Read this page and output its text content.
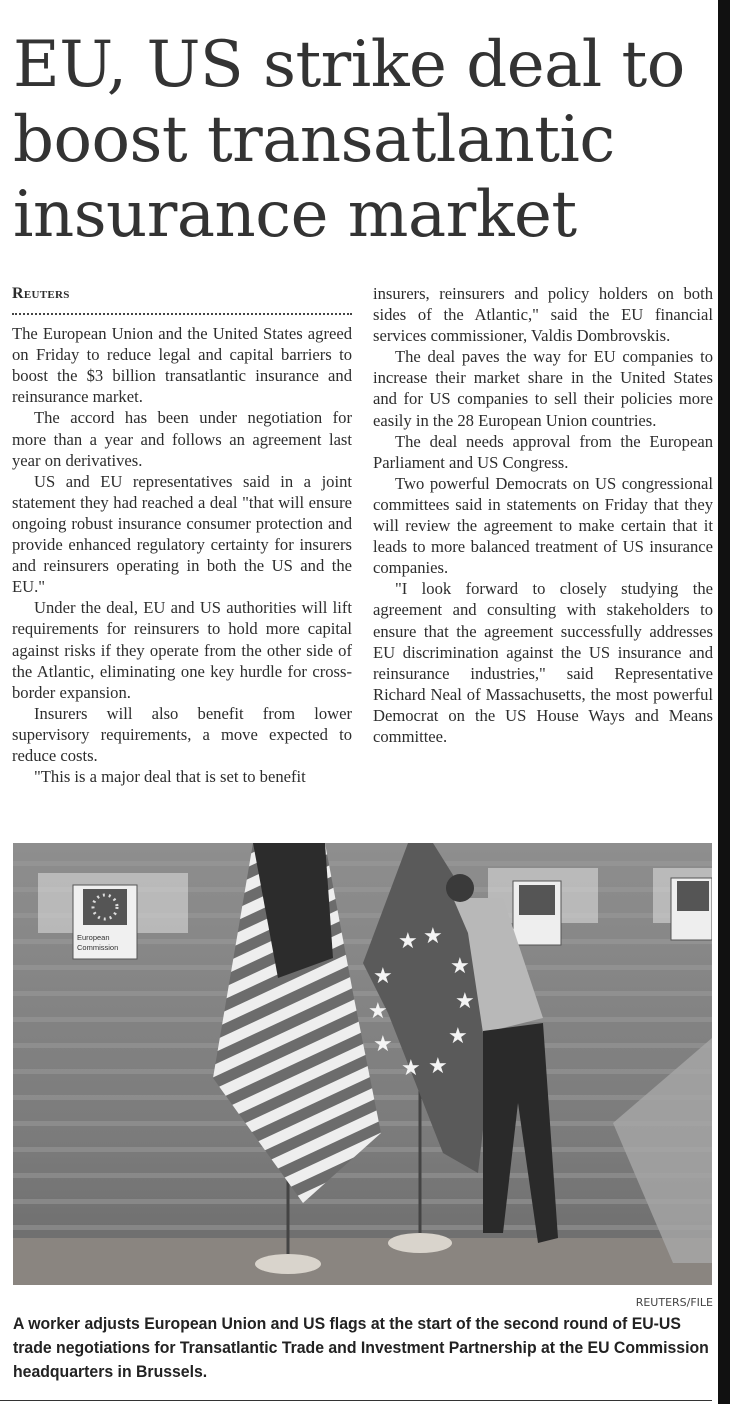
EU, US strike deal to boost transatlantic insurance market
Reuters

The European Union and the United States agreed on Friday to reduce legal and capital barriers to boost the $3 billion transatlantic insurance and reinsurance market.

The accord has been under negotiation for more than a year and follows an agreement last year on derivatives.

US and EU representatives said in a joint statement they had reached a deal "that will ensure ongoing robust insurance consumer protection and provide enhanced regulatory certainty for insurers and reinsurers operating in both the US and the EU."

Under the deal, EU and US authorities will lift requirements for reinsurers to hold more capital against risks if they operate from the other side of the Atlantic, eliminating one key hurdle for cross-border expansion.

Insurers will also benefit from lower supervisory requirements, a move expected to reduce costs.

"This is a major deal that is set to benefit

insurers, reinsurers and policy holders on both sides of the Atlantic," said the EU financial services commissioner, Valdis Dombrovskis.

The deal paves the way for EU companies to increase their market share in the United States and for US companies to sell their policies more easily in the 28 European Union countries.

The deal needs approval from the European Parliament and US Congress.

Two powerful Democrats on US congressional committees said in statements on Friday that they will review the agreement to make certain that it leads to more balanced treatment of US insurance companies.

"I look forward to closely studying the agreement and consulting with stakeholders to ensure that the agreement successfully addresses EU discrimination against the US insurance and reinsurance industries," said Representative Richard Neal of Massachusetts, the most powerful Democrat on the US House Ways and Means committee.

European
Commission	★ ★
★
★
★
★
★
★
★
★
REUTERS/FILE
A worker adjusts European Union and US flags at the start of the second round of EU-US trade negotiations for Transatlantic Trade and Investment Partnership at the EU Commission headquarters in Brussels.
